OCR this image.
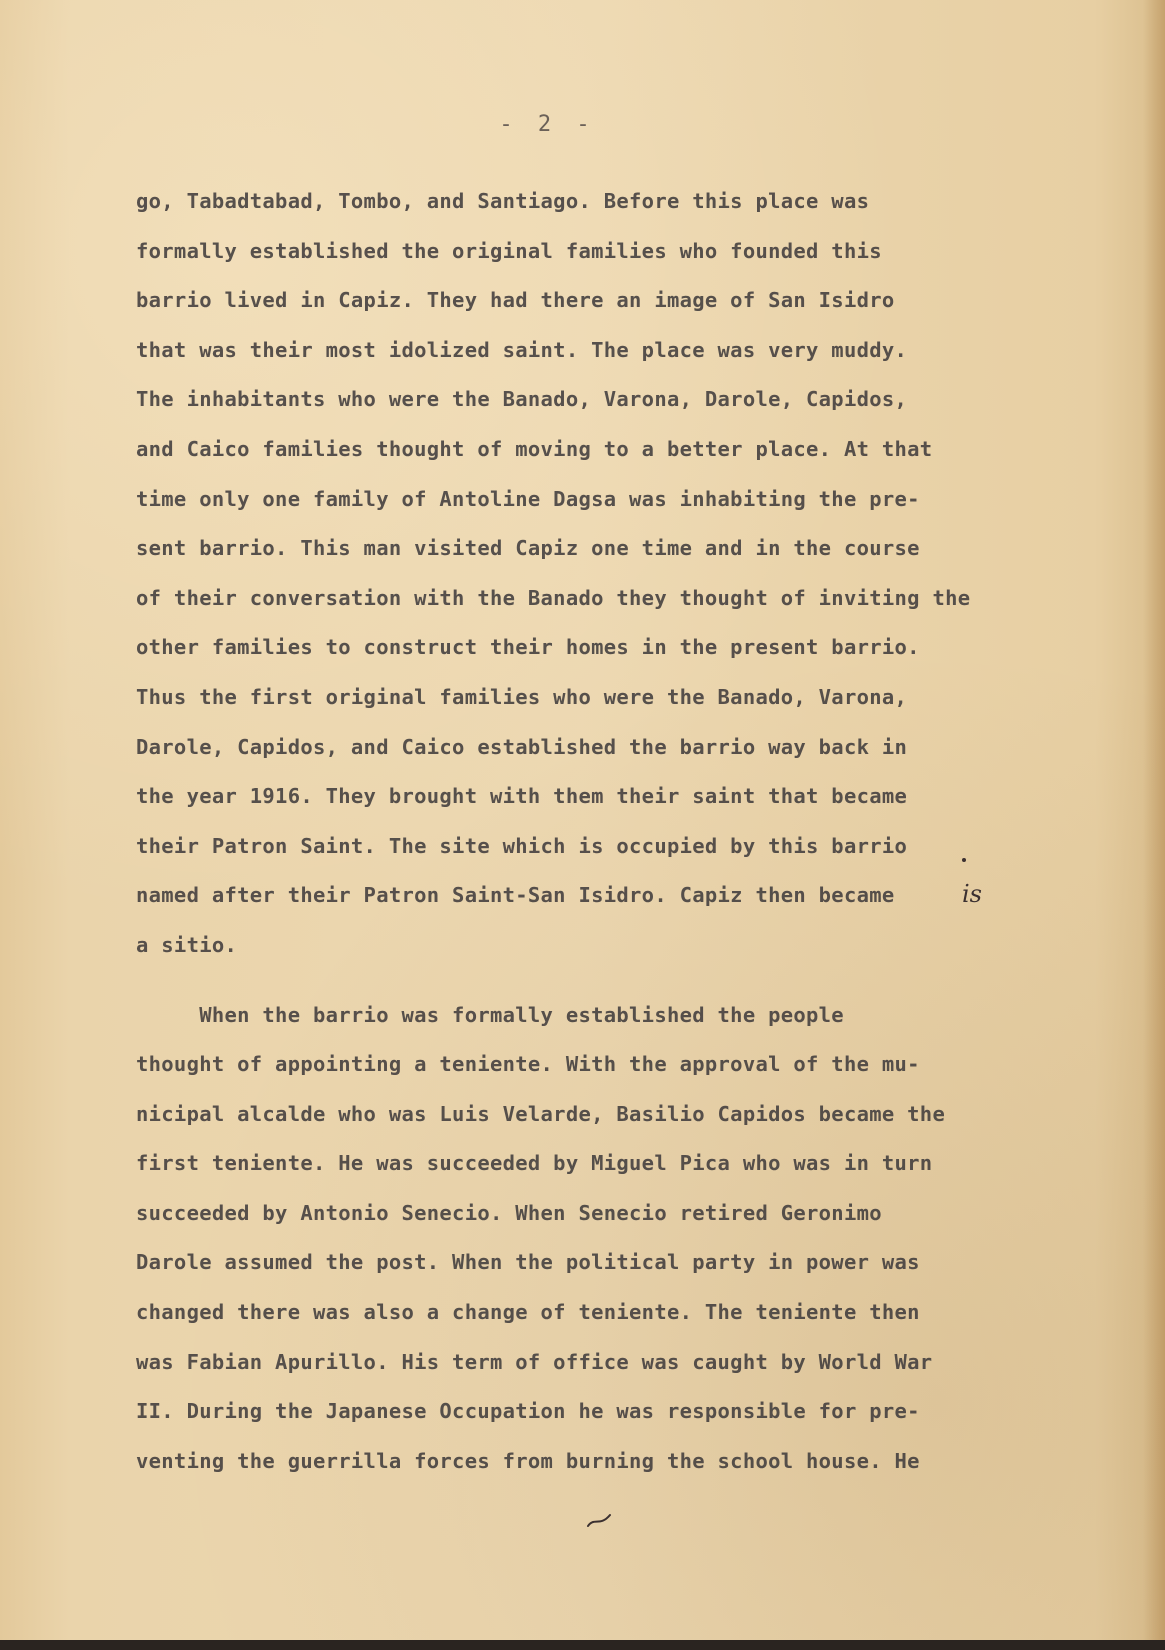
- 2 -
go, Tabadtabad, Tombo, and Santiago. Before this place was
formally established the original families who founded this
barrio lived in Capiz. They had there an image of San Isidro
that was their most idolized saint. The place was very muddy.
The inhabitants who were the Banado, Varona, Darole, Capidos,
and Caico families thought of moving to a better place. At that
time only one family of Antoline Dagsa was inhabiting the pre-
sent barrio. This man visited Capiz one time and in the course
of their conversation with the Banado they thought of inviting the
other families to construct their homes in the present barrio.
Thus the first original families who were the Banado, Varona,
Darole, Capidos, and Caico established the barrio way back in
the year 1916. They brought with them their saint that became
their Patron Saint. The site which is occupied by this barrio
named after their Patron Saint-San Isidro. Capiz then became
a sitio.
When the barrio was formally established the people
thought of appointing a teniente. With the approval of the mu-
nicipal alcalde who was Luis Velarde, Basilio Capidos became the
first teniente. He was succeeded by Miguel Pica who was in turn
succeeded by Antonio Senecio. When Senecio retired Geronimo
Darole assumed the post. When the political party in power was
changed there was also a change of teniente. The teniente then
was Fabian Apurillo. His term of office was caught by World War
II. During the Japanese Occupation he was responsible for pre-
venting the guerrilla forces from burning the school house. He
is
